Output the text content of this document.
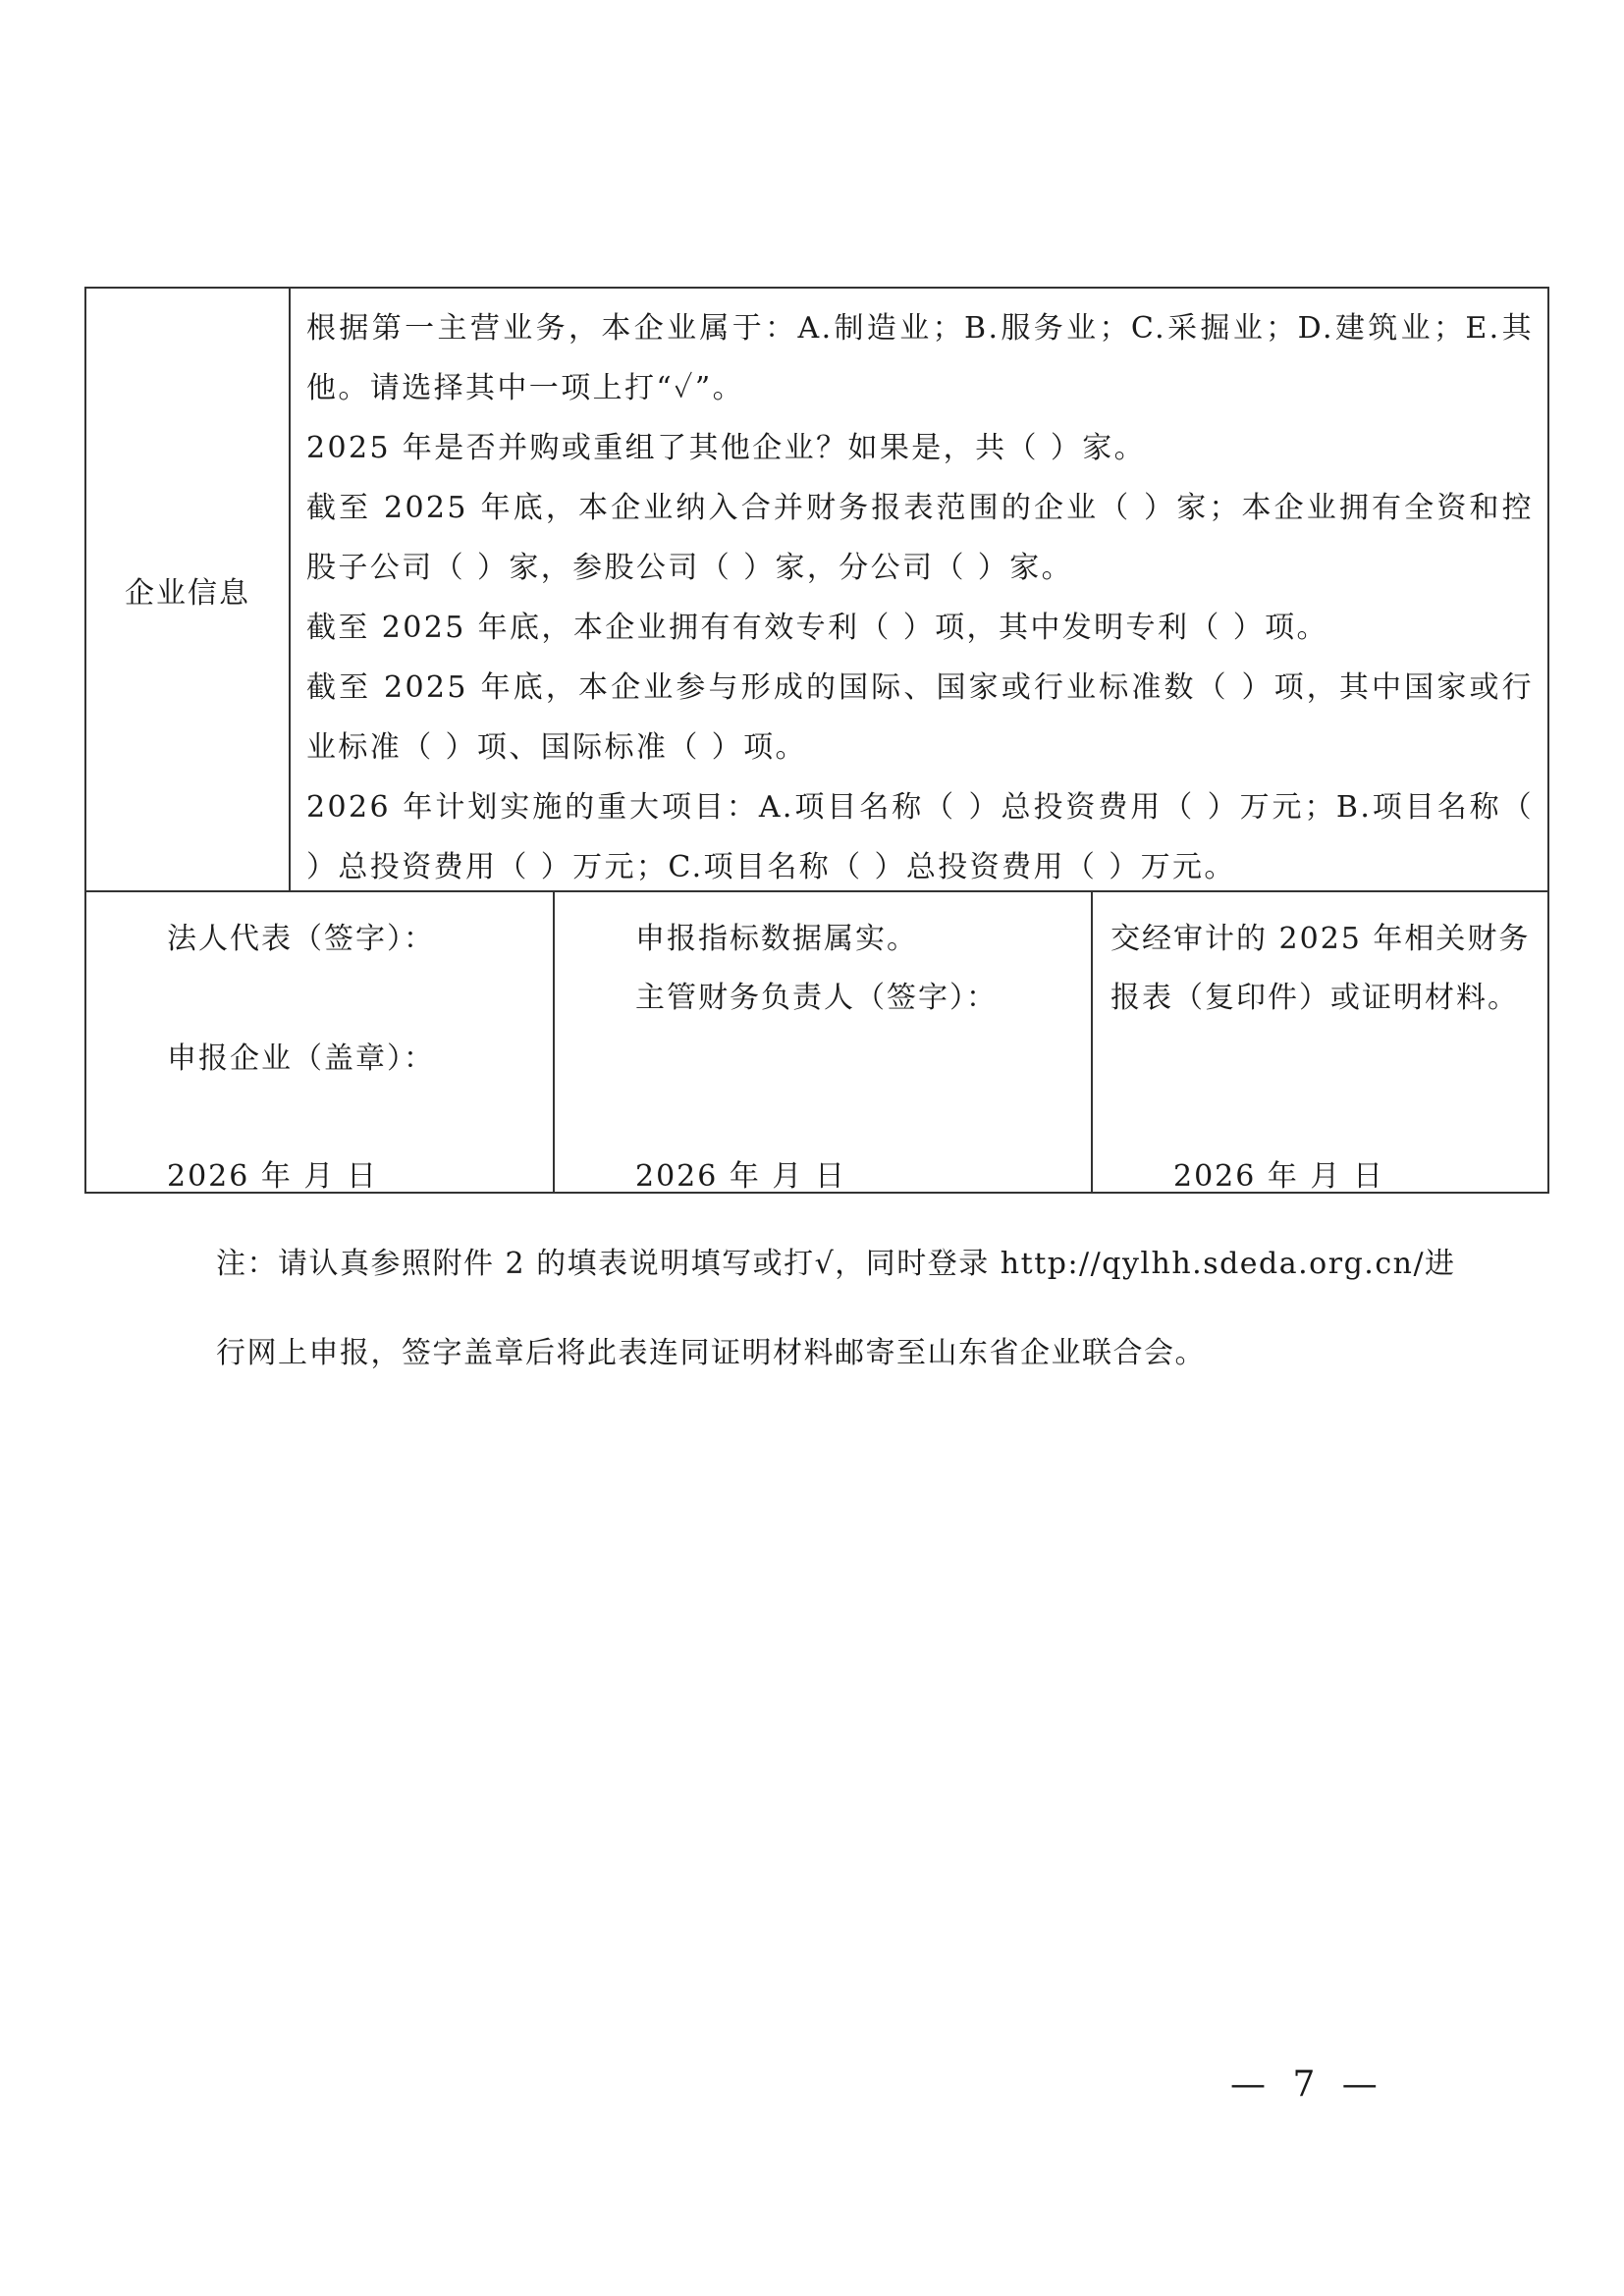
企业信息

根据第一主营业务，本企业属于：A.制造业；B.服务业；C.采掘业；D.建筑业；E.其他。请选择其中一项上打“✓”。

2025 年是否并购或重组了其他企业？如果是，共（ ）家。

截至 2025 年底，本企业纳入合并财务报表范围的企业（ ）家；本企业拥有全资和控股子公司（ ）家，参股公司（ ）家，分公司（ ）家。

截至 2025 年底，本企业拥有有效专利（ ）项，其中发明专利（ ）项。

截至 2025 年底，本企业参与形成的国际、国家或行业标准数（ ）项，其中国家或行业标准（ ）项、国际标准（ ）项。

2026 年计划实施的重大项目：A.项目名称（ ）总投资费用（ ）万元；B.项目名称（ ）总投资费用（ ）万元；C.项目名称（ ）总投资费用（ ）万元。

法人代表（签字）：
申报企业（盖章）：
2026 年 月 日
申报指标数据属实。
主管财务负责人（签字）：
2026 年 月 日
交经审计的 2025 年相关财务
报表（复印件）或证明材料。
2026 年 月 日
注：请认真参照附件 2 的填表说明填写或打√，同时登录 http://qylhh.sdeda.org.cn/进
行网上申报，签字盖章后将此表连同证明材料邮寄至山东省企业联合会。
— 7 —
